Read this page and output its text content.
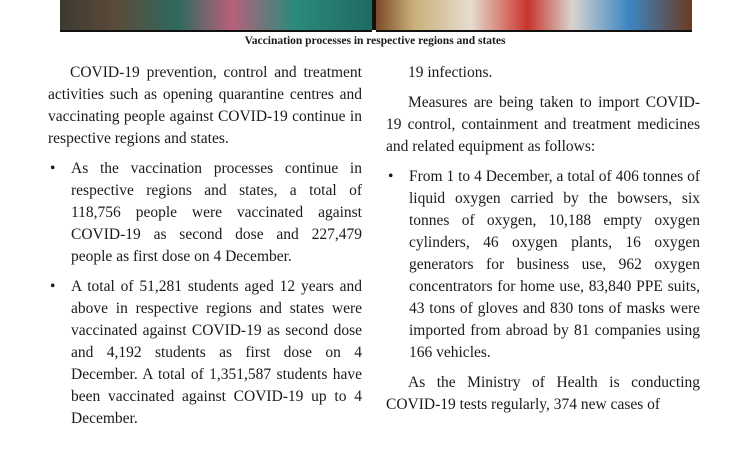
Vaccination processes in respective regions and states

COVID-19 prevention, control and treatment activities such as opening quarantine centres and vaccinating people against COVID-19 continue in respective regions and states.

• As the vaccination processes continue in respective regions and states, a total of 118,756 people were vaccinated against COVID-19 as second dose and 227,479 people as first dose on 4 December.
• A total of 51,281 students aged 12 years and above in respective regions and states were vaccinated against COVID-19 as second dose and 4,192 students as first dose on 4 December. A total of 1,351,587 students have been vaccinated against COVID-19 up to 4 December.

19 infections.

Measures are being taken to import COVID-19 control, containment and treatment medicines and related equipment as follows:

• From 1 to 4 December, a total of 406 tonnes of liquid oxygen carried by the bowsers, six tonnes of oxygen, 10,188 empty oxygen cylinders, 46 oxygen plants, 16 oxygen generators for business use, 962 oxygen concentrators for home use, 83,840 PPE suits, 43 tons of gloves and 830 tons of masks were imported from abroad by 81 companies using 166 vehicles.

As the Ministry of Health is conducting COVID-19 tests regularly, 374 new cases of
